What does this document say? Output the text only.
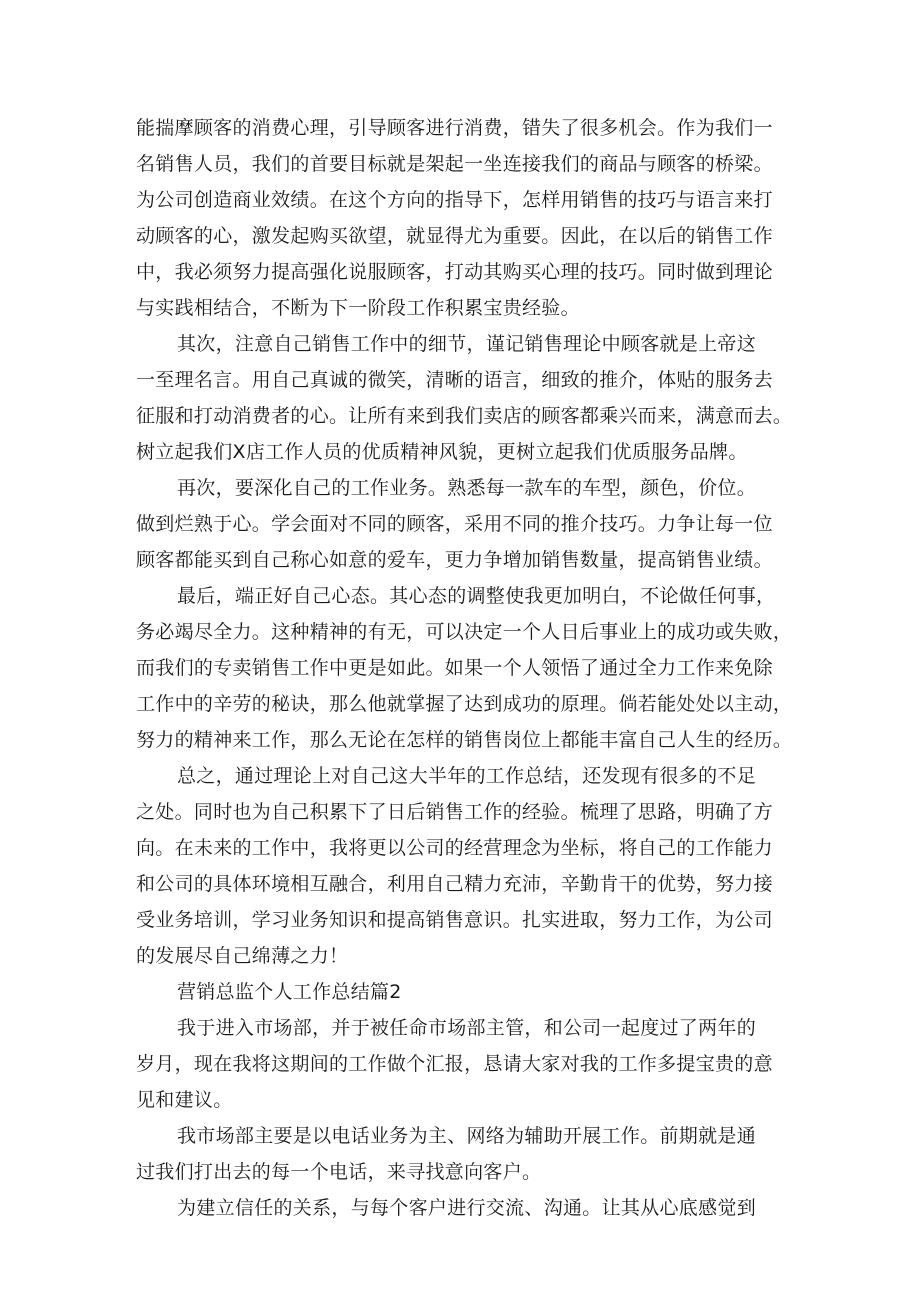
能揣摩顾客的消费心理，引导顾客进行消费，错失了很多机会。作为我们一
名销售人员，我们的首要目标就是架起一坐连接我们的商品与顾客的桥梁。
为公司创造商业效绩。在这个方向的指导下，怎样用销售的技巧与语言来打
动顾客的心，激发起购买欲望，就显得尤为重要。因此，在以后的销售工作
中，我必须努力提高强化说服顾客，打动其购买心理的技巧。同时做到理论
与实践相结合，不断为下一阶段工作积累宝贵经验。
其次，注意自己销售工作中的细节，谨记销售理论中顾客就是上帝这
一至理名言。用自己真诚的微笑，清晰的语言，细致的推介，体贴的服务去
征服和打动消费者的心。让所有来到我们卖店的顾客都乘兴而来，满意而去。
树立起我们X店工作人员的优质精神风貌，更树立起我们优质服务品牌。
再次，要深化自己的工作业务。熟悉每一款车的车型，颜色，价位。
做到烂熟于心。学会面对不同的顾客，采用不同的推介技巧。力争让每一位
顾客都能买到自己称心如意的爱车，更力争增加销售数量，提高销售业绩。
最后，端正好自己心态。其心态的调整使我更加明白，不论做任何事，
务必竭尽全力。这种精神的有无，可以决定一个人日后事业上的成功或失败，
而我们的专卖销售工作中更是如此。如果一个人领悟了通过全力工作来免除
工作中的辛劳的秘诀，那么他就掌握了达到成功的原理。倘若能处处以主动，
努力的精神来工作，那么无论在怎样的销售岗位上都能丰富自己人生的经历。
总之，通过理论上对自己这大半年的工作总结，还发现有很多的不足
之处。同时也为自己积累下了日后销售工作的经验。梳理了思路，明确了方
向。在未来的工作中，我将更以公司的经营理念为坐标，将自己的工作能力
和公司的具体环境相互融合，利用自己精力充沛，辛勤肯干的优势，努力接
受业务培训，学习业务知识和提高销售意识。扎实进取，努力工作，为公司
的发展尽自己绵薄之力！
营销总监个人工作总结篇2
我于进入市场部，并于被任命市场部主管，和公司一起度过了两年的
岁月，现在我将这期间的工作做个汇报，恳请大家对我的工作多提宝贵的意
见和建议。
我市场部主要是以电话业务为主、网络为辅助开展工作。前期就是通
过我们打出去的每一个电话，来寻找意向客户。
为建立信任的关系，与每个客户进行交流、沟通。让其从心底感觉到
